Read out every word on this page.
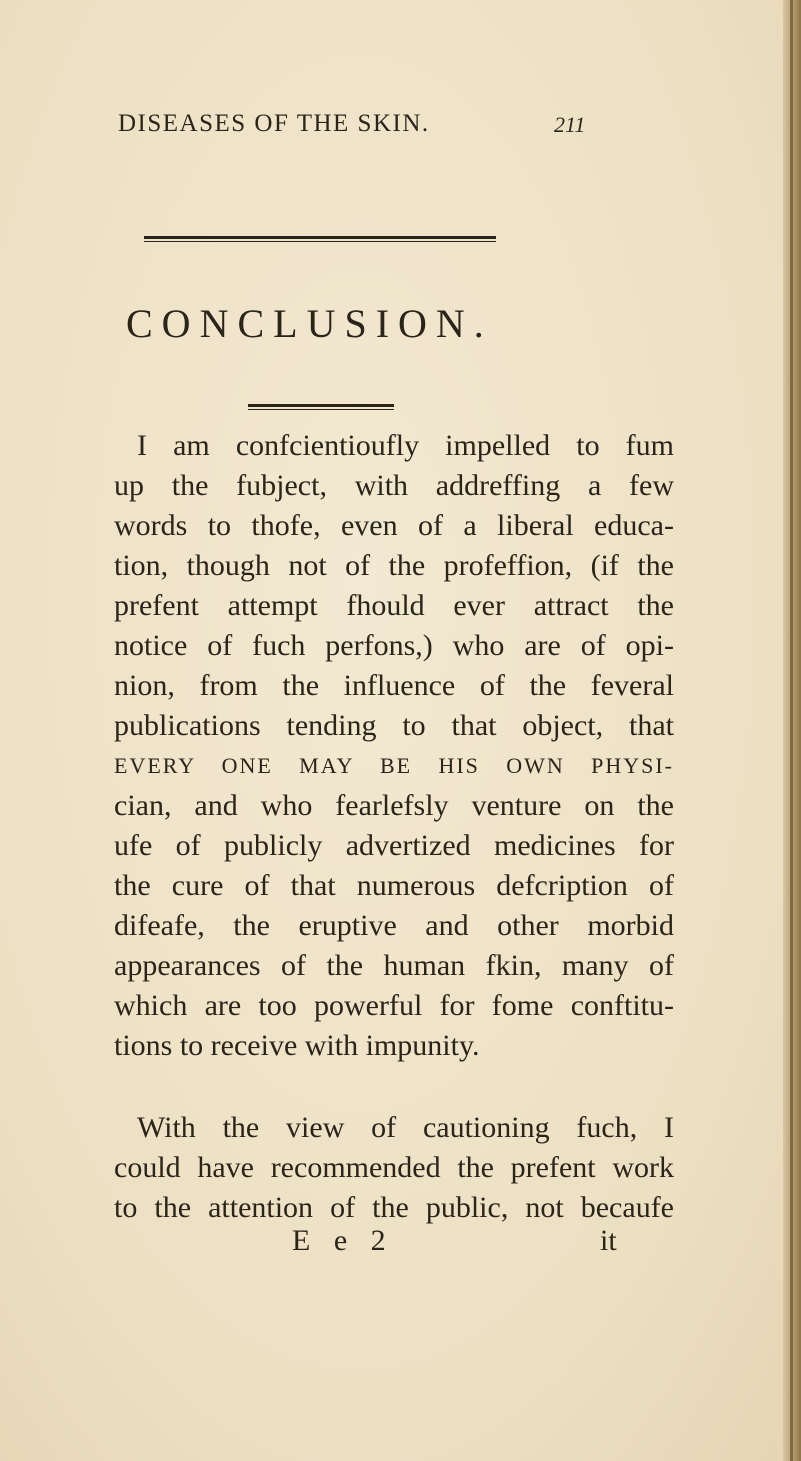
DISEASES OF THE SKIN.	211
CONCLUSION.
I am confcientioufly impelled to fum
up the fubject, with addreffing a few
words to thofe, even of a liberal educa-
tion, though not of the profeffion, (if the
prefent attempt fhould ever attract the
notice of fuch perfons,) who are of opi-
nion, from the influence of the feveral
publications tending to that object, that
EVERY ONE MAY BE HIS OWN PHYSI-
cian, and who fearlefsly venture on the
ufe of publicly advertized medicines for
the cure of that numerous defcription of
difeafe, the eruptive and other morbid
appearances of the human fkin, many of
which are too powerful for fome conftitu-
tions to receive with impunity.
With the view of cautioning fuch, I
could have recommended the prefent work
to the attention of the public, not becaufe
E e 2	it
